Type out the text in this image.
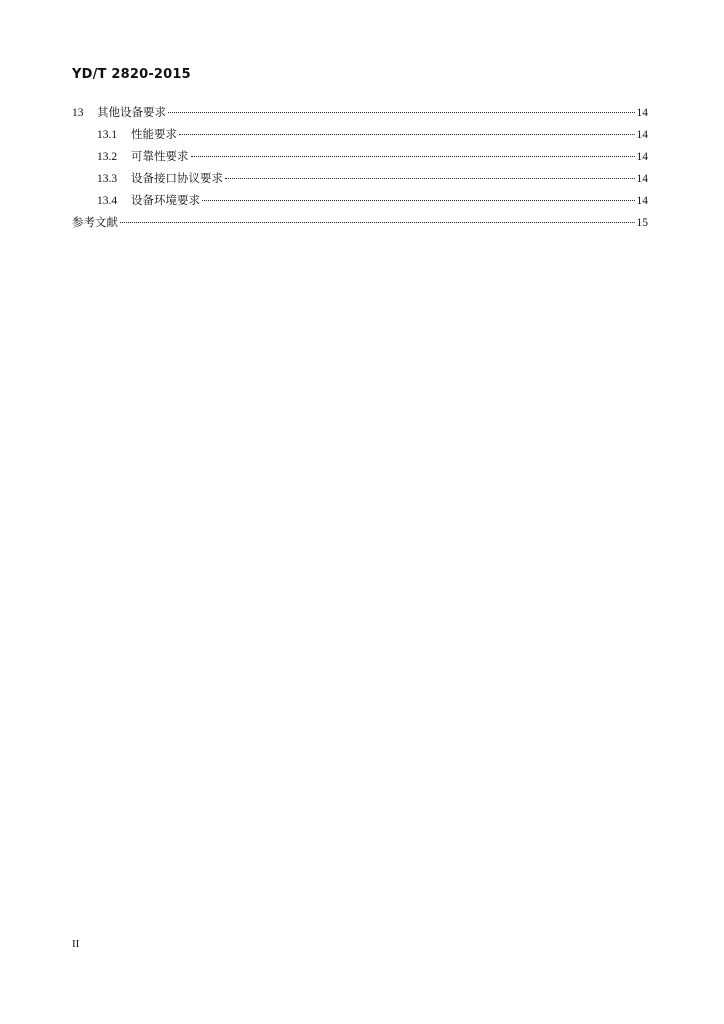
YD/T 2820-2015
13	其他设备要求	14
13.1	性能要求	14
13.2	可靠性要求	14
13.3	设备接口协议要求	14
13.4	设备环境要求	14
参考文献	15
II
